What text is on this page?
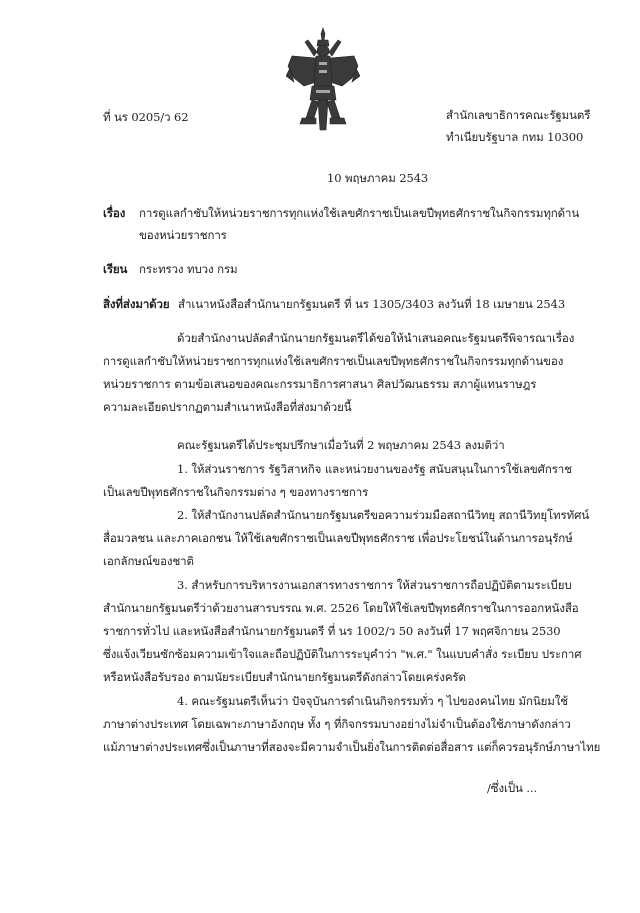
ที่ นร 0205/ว 62	สำนักเลขาธิการคณะรัฐมนตรี
ทำเนียบรัฐบาล กทม 10300
10 พฤษภาคม 2543
เรื่อง การดูแลกำชับให้หน่วยราชการทุกแห่งใช้เลขศักราชเป็นเลขปีพุทธศักราชในกิจกรรมทุกด้าน
ของหน่วยราชการ
เรียน กระทรวง ทบวง กรม
สิ่งที่ส่งมาด้วย สำเนาหนังสือสำนักนายกรัฐมนตรี ที่ นร 1305/3403 ลงวันที่ 18 เมษายน 2543
ด้วยสำนักงานปลัดสำนักนายกรัฐมนตรีได้ขอให้นำเสนอคณะรัฐมนตรีพิจารณาเรื่อง
การดูแลกำชับให้หน่วยราชการทุกแห่งใช้เลขศักราชเป็นเลขปีพุทธศักราชในกิจกรรมทุกด้านของ
หน่วยราชการ ตามข้อเสนอของคณะกรรมาธิการศาสนา ศิลปวัฒนธรรม สภาผู้แทนราษฎร
ความละเอียดปรากฏตามสำเนาหนังสือที่ส่งมาด้วยนี้
คณะรัฐมนตรีได้ประชุมปรึกษาเมื่อวันที่ 2 พฤษภาคม 2543 ลงมติว่า
1. ให้ส่วนราชการ รัฐวิสาหกิจ และหน่วยงานของรัฐ สนับสนุนในการใช้เลขศักราช
เป็นเลขปีพุทธศักราชในกิจกรรมต่าง ๆ ของทางราชการ
2. ให้สำนักงานปลัดสำนักนายกรัฐมนตรีขอความร่วมมือสถานีวิทยุ สถานีวิทยุโทรทัศน์
สื่อมวลชน และภาคเอกชน ให้ใช้เลขศักราชเป็นเลขปีพุทธศักราช เพื่อประโยชน์ในด้านการอนุรักษ์
เอกลักษณ์ของชาติ
3. สำหรับการบริหารงานเอกสารทางราชการ ให้ส่วนราชการถือปฏิบัติตามระเบียบ
สำนักนายกรัฐมนตรีว่าด้วยงานสารบรรณ พ.ศ. 2526 โดยให้ใช้เลขปีพุทธศักราชในการออกหนังสือ
ราชการทั่วไป และหนังสือสำนักนายกรัฐมนตรี ที่ นร 1002/ว 50 ลงวันที่ 17 พฤศจิกายน 2530
ซึ่งแจ้งเวียนซักซ้อมความเข้าใจและถือปฏิบัติในการระบุคำว่า "พ.ศ." ในแบบคำสั่ง ระเบียบ ประกาศ
หรือหนังสือรับรอง ตามนัยระเบียบสำนักนายกรัฐมนตรีดังกล่าวโดยเคร่งครัด
4. คณะรัฐมนตรีเห็นว่า ปัจจุบันการดำเนินกิจกรรมทั่ว ๆ ไปของคนไทย มักนิยมใช้
ภาษาต่างประเทศ โดยเฉพาะภาษาอังกฤษ ทั้ง ๆ ที่กิจกรรมบางอย่างไม่จำเป็นต้องใช้ภาษาดังกล่าว
แม้ภาษาต่างประเทศซึ่งเป็นภาษาที่สองจะมีความจำเป็นยิ่งในการติดต่อสื่อสาร แต่ก็ควรอนุรักษ์ภาษาไทย
/ซึ่งเป็น ...
